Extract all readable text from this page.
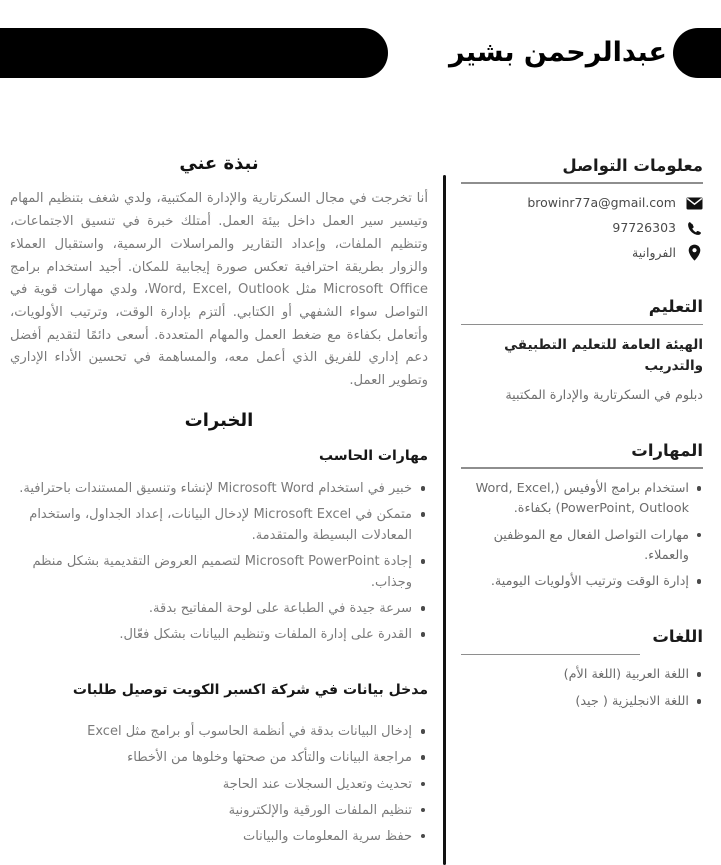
عبدالرحمن بشير
معلومات التواصل
browinr77a@gmail.com
97726303
الفروانية
التعليم

الهيئة العامة للتعليم التطبيقي والتدريب

دبلوم في السكرتارية والإدارة المكتبية

المهارات
استخدام برامج الأوفيس (Word, Excel, PowerPoint, Outlook) بكفاءة.
مهارات التواصل الفعال مع الموظفين والعملاء.
إدارة الوقت وترتيب الأولويات اليومية.
اللغات
اللغة العربية (اللغة الأم)
اللغة الانجليزية ( جيد)
نبذة عني

أنا تخرجت في مجال السكرتارية والإدارة المكتبية، ولدي شغف بتنظيم المهام وتيسير سير العمل داخل بيئة العمل. أمتلك خبرة في تنسيق الاجتماعات، وتنظيم الملفات، وإعداد التقارير والمراسلات الرسمية، واستقبال العملاء والزوار بطريقة احترافية تعكس صورة إيجابية للمكان. أجيد استخدام برامج Microsoft Office مثل Word, Excel, Outlook، ولدي مهارات قوية في التواصل سواء الشفهي أو الكتابي. ألتزم بإدارة الوقت، وترتيب الأولويات، وأتعامل بكفاءة مع ضغط العمل والمهام المتعددة. أسعى دائمًا لتقديم أفضل دعم إداري للفريق الذي أعمل معه، والمساهمة في تحسين الأداء الإداري وتطوير العمل.

الخبرات
مهارات الحاسب
خبير في استخدام Microsoft Word لإنشاء وتنسيق المستندات باحترافية.
متمكن في Microsoft Excel لإدخال البيانات، إعداد الجداول، واستخدام المعادلات البسيطة والمتقدمة.
إجادة Microsoft PowerPoint لتصميم العروض التقديمية بشكل منظم وجذاب.
سرعة جيدة في الطباعة على لوحة المفاتيح بدقة.
القدرة على إدارة الملفات وتنظيم البيانات بشكل فعّال.
مدخل بيانات في شركة اكسبر الكويت توصيل طلبات
إدخال البيانات بدقة في أنظمة الحاسوب أو برامج مثل Excel
مراجعة البيانات والتأكد من صحتها وخلوها من الأخطاء
تحديث وتعديل السجلات عند الحاجة
تنظيم الملفات الورقية والإلكترونية
حفظ سرية المعلومات والبيانات
